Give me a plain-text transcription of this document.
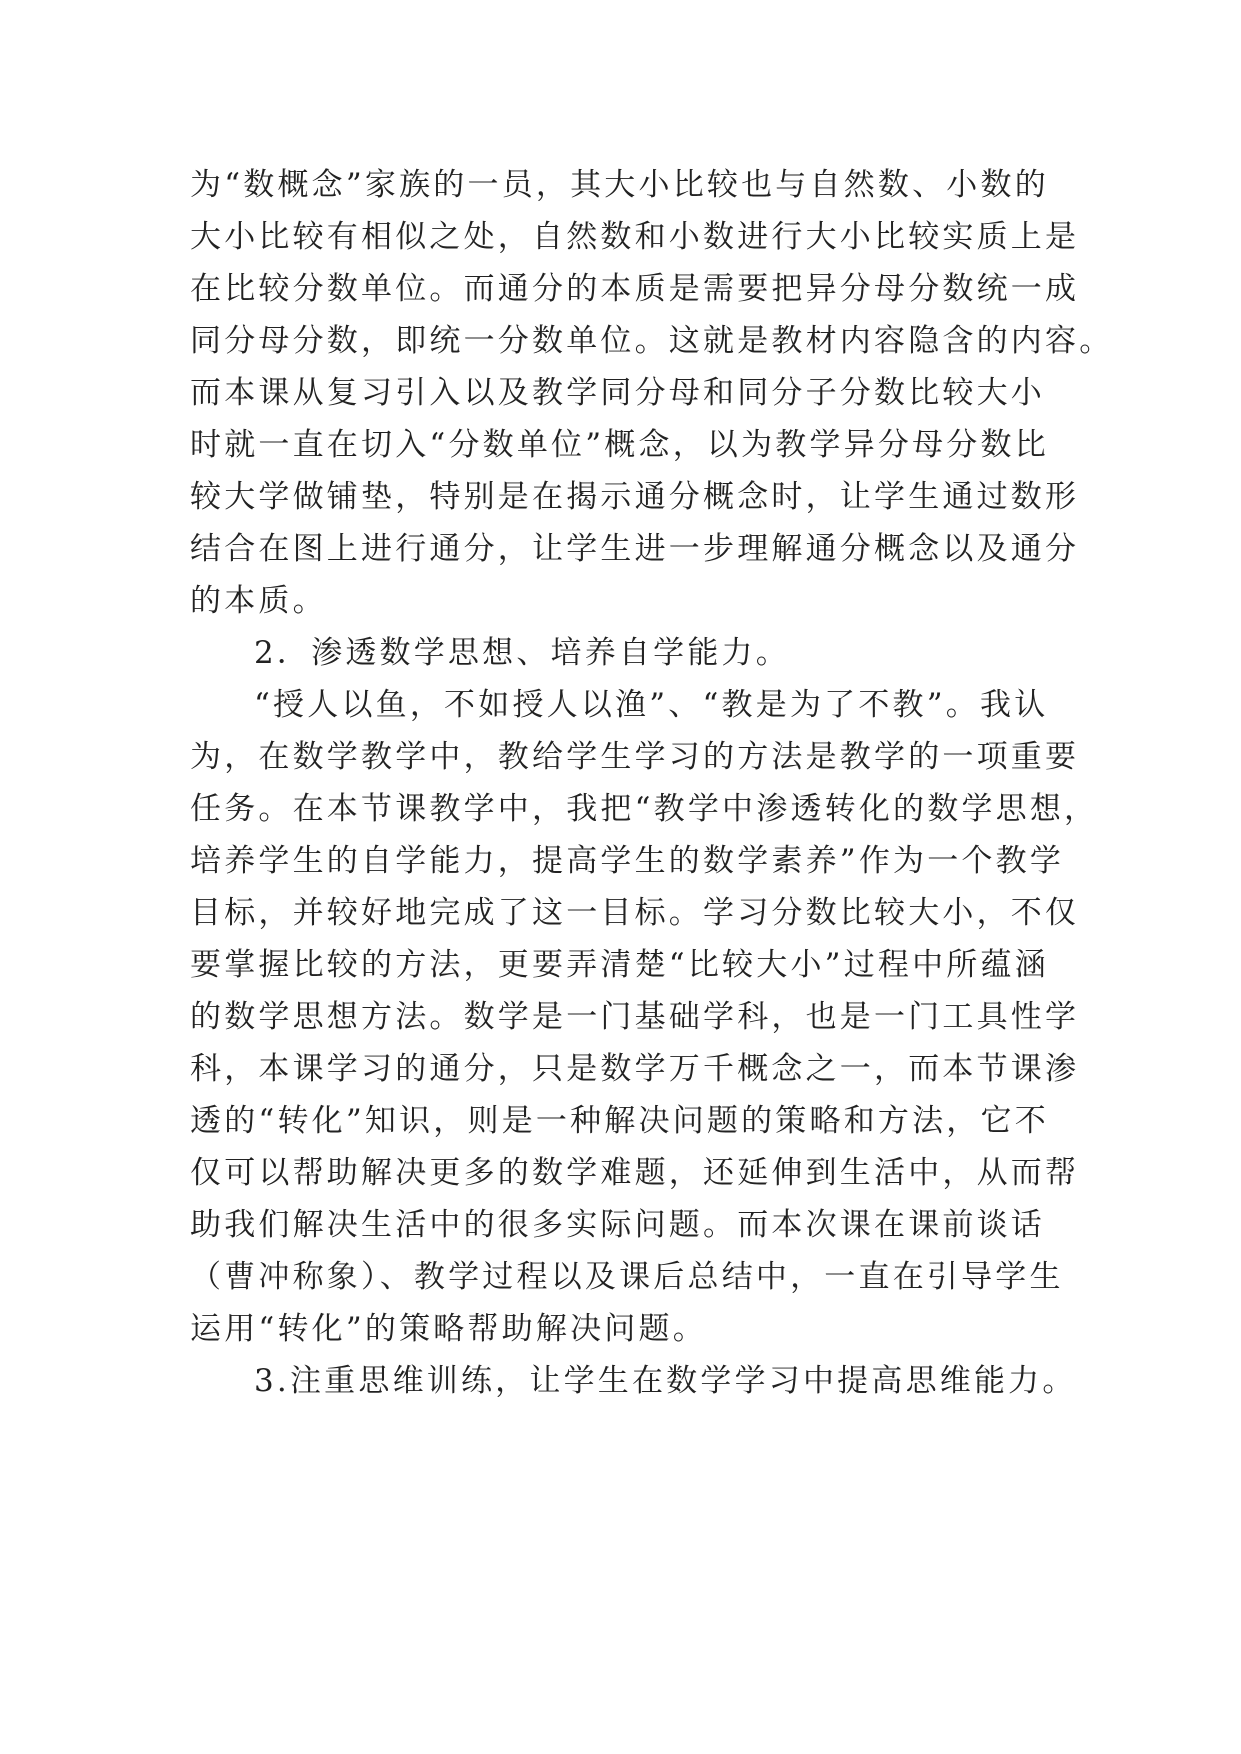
为“数概念”家族的一员，其大小比较也与自然数、小数的
大小比较有相似之处，自然数和小数进行大小比较实质上是
在比较分数单位。而通分的本质是需要把异分母分数统一成
同分母分数，即统一分数单位。这就是教材内容隐含的内容。
而本课从复习引入以及教学同分母和同分子分数比较大小
时就一直在切入“分数单位”概念，以为教学异分母分数比
较大学做铺垫，特别是在揭示通分概念时，让学生通过数形
结合在图上进行通分，让学生进一步理解通分概念以及通分
的本质。
2．渗透数学思想、培养自学能力。
“授人以鱼，不如授人以渔”、“教是为了不教”。我认
为，在数学教学中，教给学生学习的方法是教学的一项重要
任务。在本节课教学中，我把“教学中渗透转化的数学思想，
培养学生的自学能力，提高学生的数学素养”作为一个教学
目标，并较好地完成了这一目标。学习分数比较大小，不仅
要掌握比较的方法，更要弄清楚“比较大小”过程中所蕴涵
的数学思想方法。数学是一门基础学科，也是一门工具性学
科，本课学习的通分，只是数学万千概念之一，而本节课渗
透的“转化”知识，则是一种解决问题的策略和方法，它不
仅可以帮助解决更多的数学难题，还延伸到生活中，从而帮
助我们解决生活中的很多实际问题。而本次课在课前谈话
（曹冲称象）、教学过程以及课后总结中，一直在引导学生
运用“转化”的策略帮助解决问题。
3.注重思维训练，让学生在数学学习中提高思维能力。
